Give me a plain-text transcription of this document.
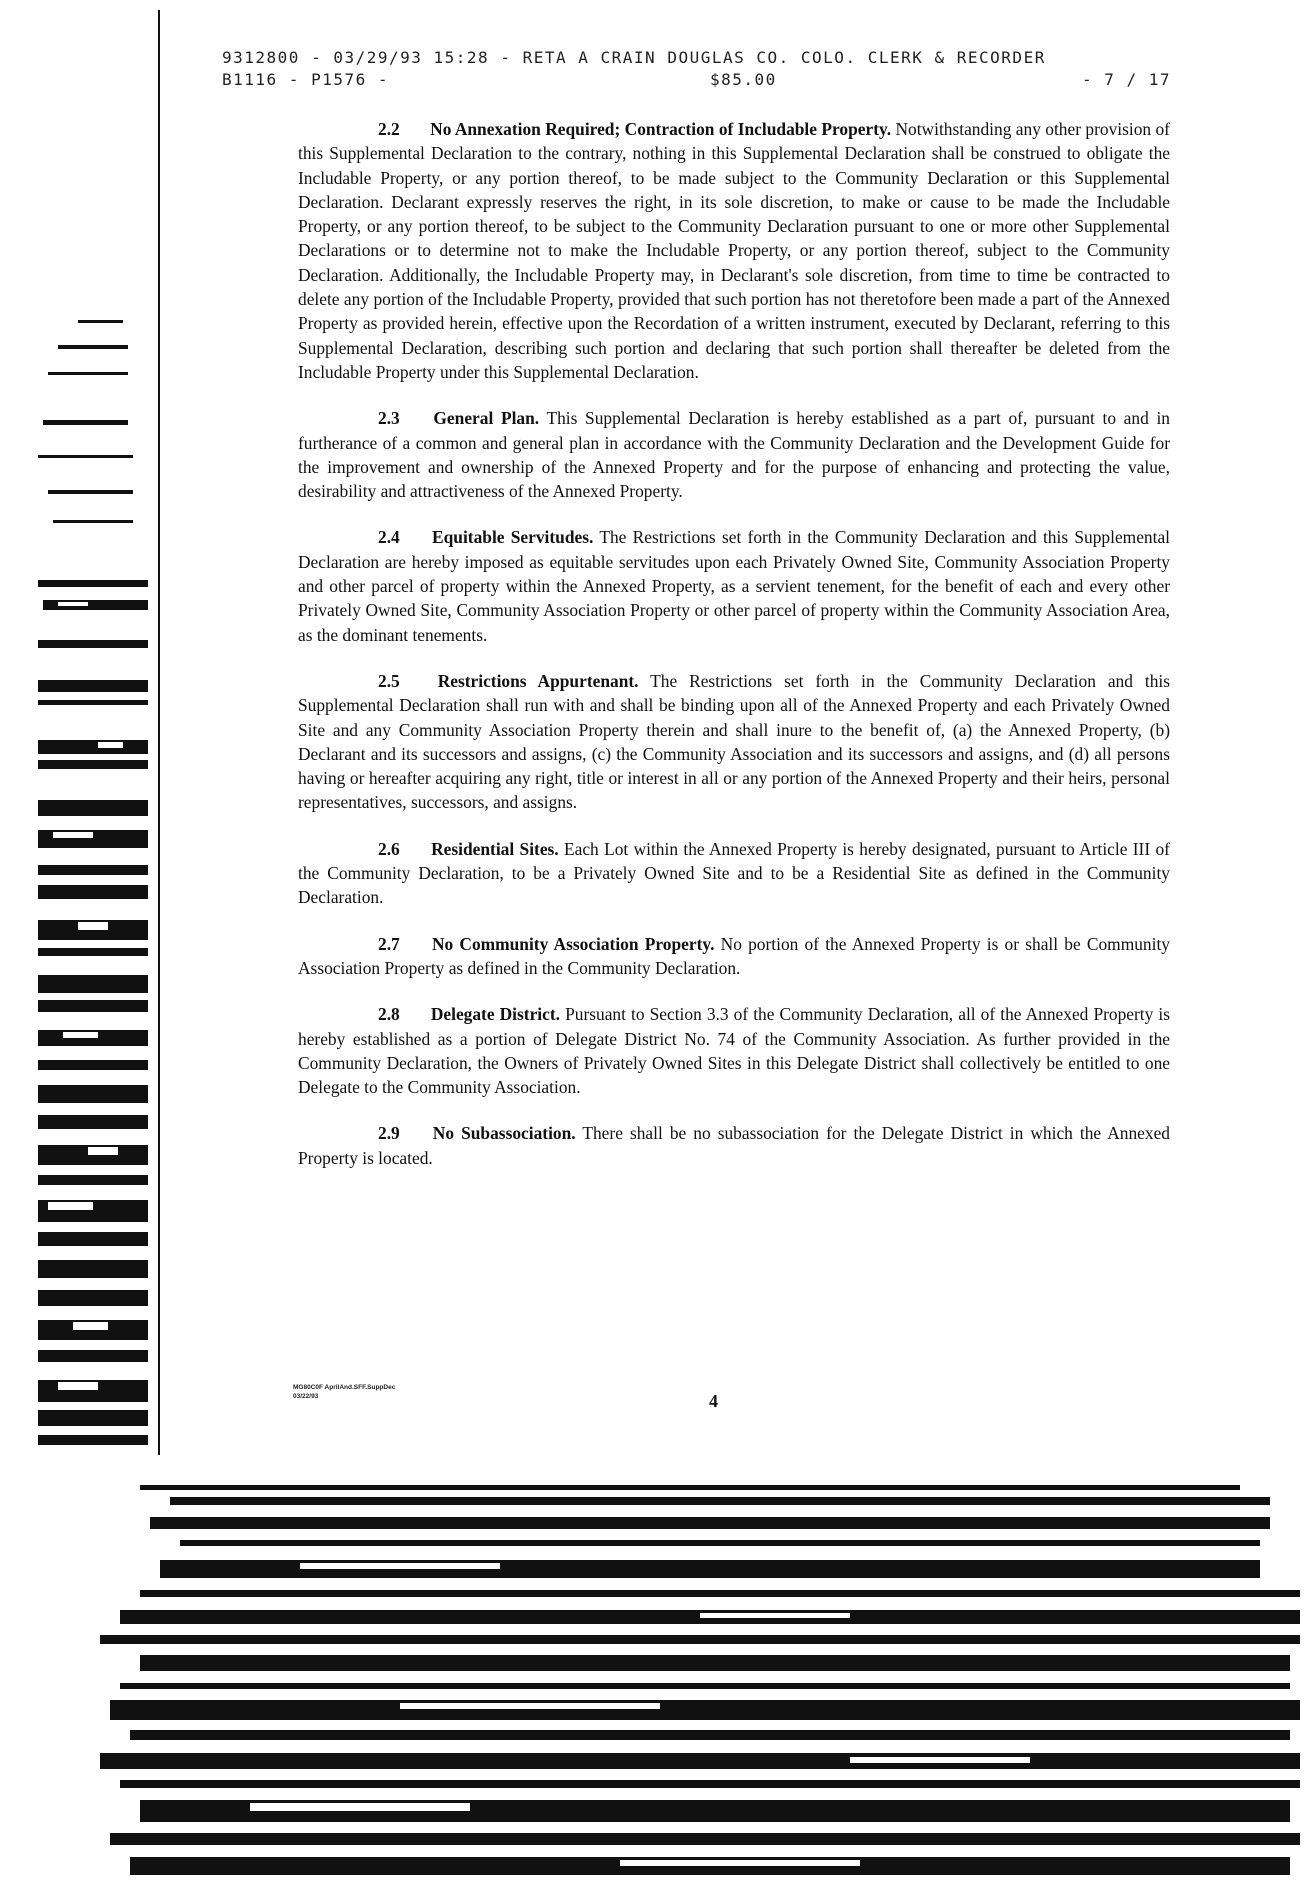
9312800 - 03/29/93 15:28 - RETA A CRAIN DOUGLAS CO. COLO. CLERK & RECORDER
B1116 - P1576 -	$85.00	- 7 / 17

2.2 No Annexation Required; Contraction of Includable Property. Notwithstanding any other provision of this Supplemental Declaration to the contrary, nothing in this Supplemental Declaration shall be construed to obligate the Includable Property, or any portion thereof, to be made subject to the Community Declaration or this Supplemental Declaration. Declarant expressly reserves the right, in its sole discretion, to make or cause to be made the Includable Property, or any portion thereof, to be subject to the Community Declaration pursuant to one or more other Supplemental Declarations or to determine not to make the Includable Property, or any portion thereof, subject to the Community Declaration. Additionally, the Includable Property may, in Declarant's sole discretion, from time to time be contracted to delete any portion of the Includable Property, provided that such portion has not theretofore been made a part of the Annexed Property as provided herein, effective upon the Recordation of a written instrument, executed by Declarant, referring to this Supplemental Declaration, describing such portion and declaring that such portion shall thereafter be deleted from the Includable Property under this Supplemental Declaration.

2.3 General Plan. This Supplemental Declaration is hereby established as a part of, pursuant to and in furtherance of a common and general plan in accordance with the Community Declaration and the Development Guide for the improvement and ownership of the Annexed Property and for the purpose of enhancing and protecting the value, desirability and attractiveness of the Annexed Property.

2.4 Equitable Servitudes. The Restrictions set forth in the Community Declaration and this Supplemental Declaration are hereby imposed as equitable servitudes upon each Privately Owned Site, Community Association Property and other parcel of property within the Annexed Property, as a servient tenement, for the benefit of each and every other Privately Owned Site, Community Association Property or other parcel of property within the Community Association Area, as the dominant tenements.

2.5 Restrictions Appurtenant. The Restrictions set forth in the Community Declaration and this Supplemental Declaration shall run with and shall be binding upon all of the Annexed Property and each Privately Owned Site and any Community Association Property therein and shall inure to the benefit of, (a) the Annexed Property, (b) Declarant and its successors and assigns, (c) the Community Association and its successors and assigns, and (d) all persons having or hereafter acquiring any right, title or interest in all or any portion of the Annexed Property and their heirs, personal representatives, successors, and assigns.

2.6 Residential Sites. Each Lot within the Annexed Property is hereby designated, pursuant to Article III of the Community Declaration, to be a Privately Owned Site and to be a Residential Site as defined in the Community Declaration.

2.7 No Community Association Property. No portion of the Annexed Property is or shall be Community Association Property as defined in the Community Declaration.

2.8 Delegate District. Pursuant to Section 3.3 of the Community Declaration, all of the Annexed Property is hereby established as a portion of Delegate District No. 74 of the Community Association. As further provided in the Community Declaration, the Owners of Privately Owned Sites in this Delegate District shall collectively be entitled to one Delegate to the Community Association.

2.9 No Subassociation. There shall be no subassociation for the Delegate District in which the Annexed Property is located.

MG80C0F AprilAnd.SFF.SuppDec
03/22/93	4
